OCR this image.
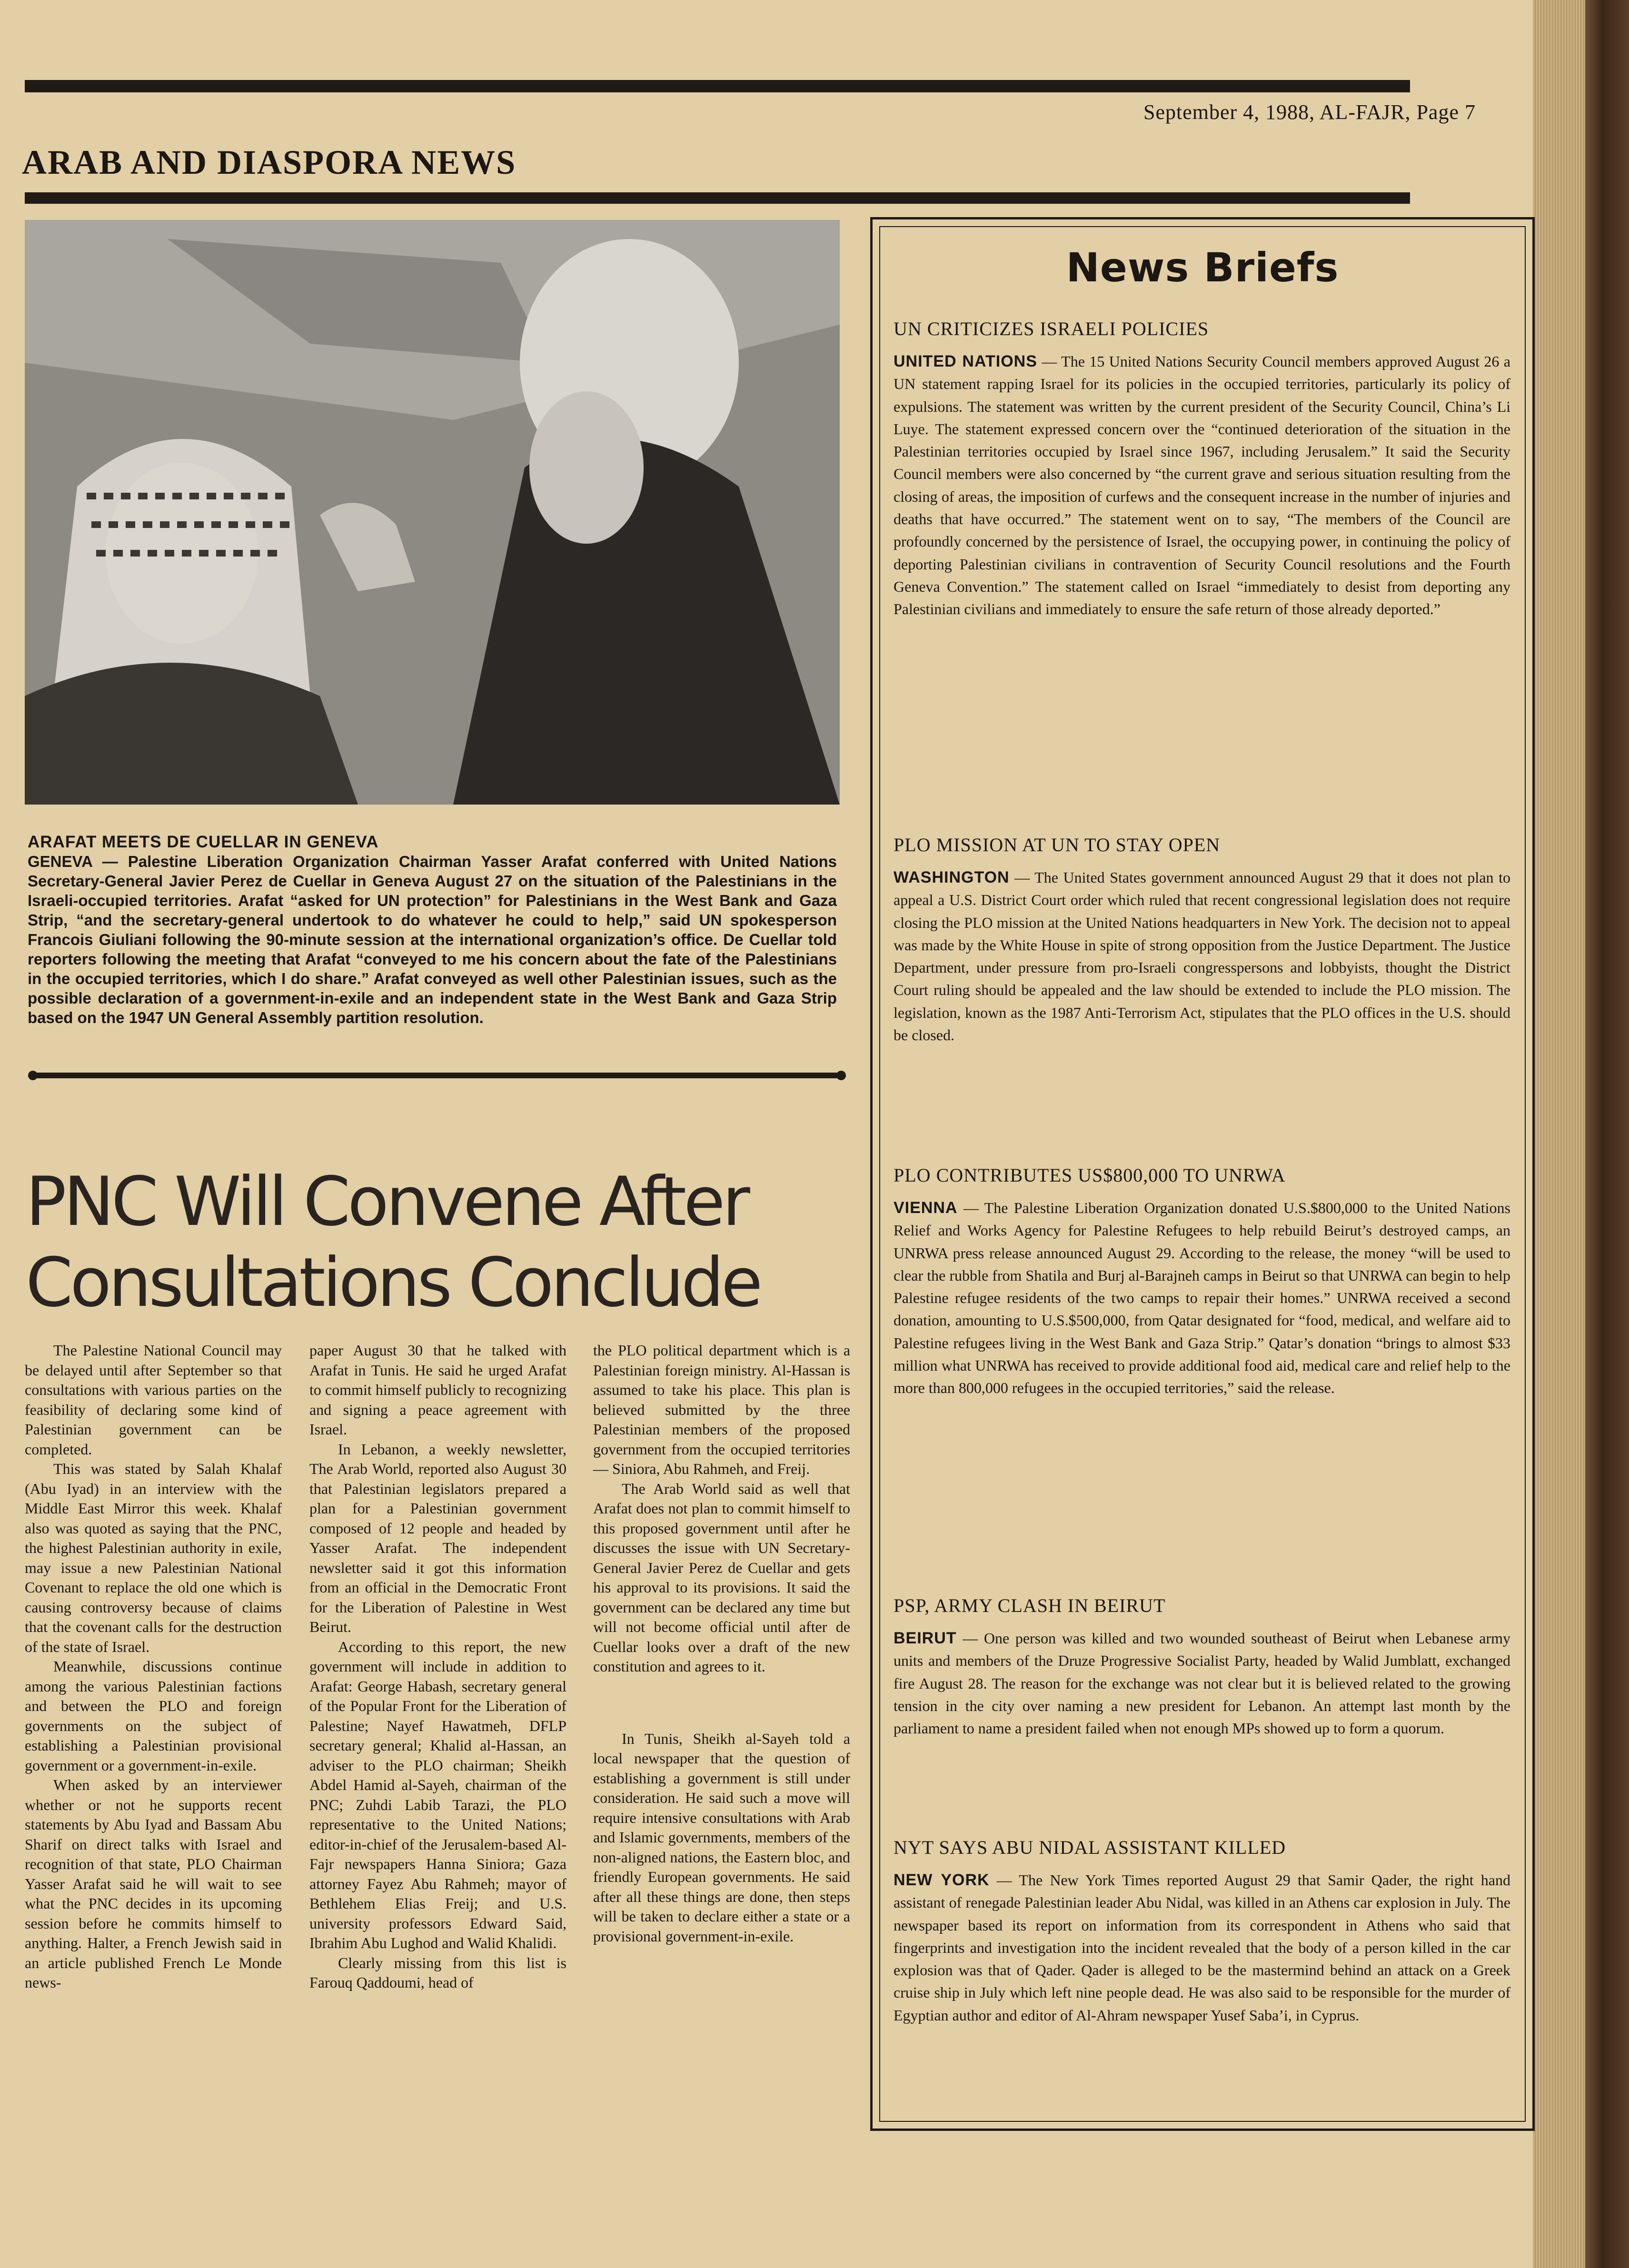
September 4, 1988, AL-FAJR, Page 7
ARAB AND DIASPORA NEWS
ARAFAT MEETS DE CUELLAR IN GENEVA
GENEVA — Palestine Liberation Organization Chairman Yasser Arafat conferred with United Nations Secretary-General Javier Perez de Cuellar in Geneva August 27 on the situation of the Palestinians in the Israeli-occupied territories. Arafat “asked for UN protection” for Palestinians in the West Bank and Gaza Strip, “and the secretary-general undertook to do whatever he could to help,” said UN spokesperson Francois Giuliani following the 90-minute session at the international organization’s office. De Cuellar told reporters following the meeting that Arafat “conveyed to me his concern about the fate of the Palestinians in the occupied territories, which I do share.” Arafat conveyed as well other Palestinian issues, such as the possible declaration of a government-in-exile and an independent state in the West Bank and Gaza Strip based on the 1947 UN General Assembly partition resolution.
PNC Will Convene After
Consultations Conclude

The Palestine National Council may be delayed until after September so that consultations with various parties on the feasibility of declaring some kind of Palestinian government can be completed.

This was stated by Salah Khalaf (Abu Iyad) in an interview with the Middle East Mirror this week. Khalaf also was quoted as saying that the PNC, the highest Palestinian authority in exile, may issue a new Palestinian National Covenant to replace the old one which is causing controversy because of claims that the covenant calls for the destruction of the state of Israel.

Meanwhile, discussions continue among the various Palestinian factions and between the PLO and foreign governments on the subject of establishing a Palestinian provisional government or a government-in-exile.

When asked by an interviewer whether or not he supports recent statements by Abu Iyad and Bassam Abu Sharif on direct talks with Israel and recognition of that state, PLO Chairman Yasser Arafat said he will wait to see what the PNC decides in its upcoming session before he commits himself to anything. Halter, a French Jewish said in an article published French Le Monde news-

paper August 30 that he talked with Arafat in Tunis. He said he urged Arafat to commit himself publicly to recognizing and signing a peace agreement with Israel.

In Lebanon, a weekly newsletter, The Arab World, reported also August 30 that Palestinian legislators prepared a plan for a Palestinian government composed of 12 people and headed by Yasser Arafat. The independent newsletter said it got this information from an official in the Democratic Front for the Liberation of Palestine in West Beirut.

According to this report, the new government will include in addition to Arafat: George Habash, secretary general of the Popular Front for the Liberation of Palestine; Nayef Hawatmeh, DFLP secretary general; Khalid al-Hassan, an adviser to the PLO chairman; Sheikh Abdel Hamid al-Sayeh, chairman of the PNC; Zuhdi Labib Tarazi, the PLO representative to the United Nations; editor-in-chief of the Jerusalem-based Al-Fajr newspapers Hanna Siniora; Gaza attorney Fayez Abu Rahmeh; mayor of Bethlehem Elias Freij; and U.S. university professors Edward Said, Ibrahim Abu Lughod and Walid Khalidi.

Clearly missing from this list is Farouq Qaddoumi, head of

the PLO political department which is a Palestinian foreign ministry. Al-Hassan is assumed to take his place. This plan is believed submitted by the three Palestinian members of the proposed government from the occupied territories — Siniora, Abu Rahmeh, and Freij.

The Arab World said as well that Arafat does not plan to commit himself to this proposed government until after he discusses the issue with UN Secretary-General Javier Perez de Cuellar and gets his approval to its provisions. It said the government can be declared any time but will not become official until after de Cuellar looks over a draft of the new constitution and agrees to it.

In Tunis, Sheikh al-Sayeh told a local newspaper that the question of establishing a government is still under consideration. He said such a move will require intensive consultations with Arab and Islamic governments, members of the non-aligned nations, the Eastern bloc, and friendly European governments. He said after all these things are done, then steps will be taken to declare either a state or a provisional government-in-exile.

News Briefs
UN CRITICIZES ISRAELI POLICIES
UNITED NATIONS — The 15 United Nations Security Council members approved August 26 a UN statement rapping Israel for its policies in the occupied territories, particularly its policy of expulsions. The statement was written by the current president of the Security Council, China’s Li Luye. The statement expressed concern over the “continued deterioration of the situation in the Palestinian territories occupied by Israel since 1967, including Jerusalem.” It said the Security Council members were also concerned by “the current grave and serious situation resulting from the closing of areas, the imposition of curfews and the consequent increase in the number of injuries and deaths that have occurred.” The statement went on to say, “The members of the Council are profoundly concerned by the persistence of Israel, the occupying power, in continuing the policy of deporting Palestinian civilians in contravention of Security Council resolutions and the Fourth Geneva Convention.” The statement called on Israel “immediately to desist from deporting any Palestinian civilians and immediately to ensure the safe return of those already deported.”
PLO MISSION AT UN TO STAY OPEN
WASHINGTON — The United States government announced August 29 that it does not plan to appeal a U.S. District Court order which ruled that recent congressional legislation does not require closing the PLO mission at the United Nations headquarters in New York. The decision not to appeal was made by the White House in spite of strong opposition from the Justice Department. The Justice Department, under pressure from pro-Israeli congresspersons and lobbyists, thought the District Court ruling should be appealed and the law should be extended to include the PLO mission. The legislation, known as the 1987 Anti-Terrorism Act, stipulates that the PLO offices in the U.S. should be closed.
PLO CONTRIBUTES US$800,000 TO UNRWA
VIENNA — The Palestine Liberation Organization donated U.S.$800,000 to the United Nations Relief and Works Agency for Palestine Refugees to help rebuild Beirut’s destroyed camps, an UNRWA press release announced August 29. According to the release, the money “will be used to clear the rubble from Shatila and Burj al-Barajneh camps in Beirut so that UNRWA can begin to help Palestine refugee residents of the two camps to repair their homes.” UNRWA received a second donation, amounting to U.S.$500,000, from Qatar designated for “food, medical, and welfare aid to Palestine refugees living in the West Bank and Gaza Strip.” Qatar’s donation “brings to almost $33 million what UNRWA has received to provide additional food aid, medical care and relief help to the more than 800,000 refugees in the occupied territories,” said the release.
PSP, ARMY CLASH IN BEIRUT
BEIRUT — One person was killed and two wounded southeast of Beirut when Lebanese army units and members of the Druze Progressive Socialist Party, headed by Walid Jumblatt, exchanged fire August 28. The reason for the exchange was not clear but it is believed related to the growing tension in the city over naming a new president for Lebanon. An attempt last month by the parliament to name a president failed when not enough MPs showed up to form a quorum.
NYT SAYS ABU NIDAL ASSISTANT KILLED
NEW YORK — The New York Times reported August 29 that Samir Qader, the right hand assistant of renegade Palestinian leader Abu Nidal, was killed in an Athens car explosion in July. The newspaper based its report on information from its correspondent in Athens who said that fingerprints and investigation into the incident revealed that the body of a person killed in the car explosion was that of Qader. Qader is alleged to be the mastermind behind an attack on a Greek cruise ship in July which left nine people dead. He was also said to be responsible for the murder of Egyptian author and editor of Al-Ahram newspaper Yusef Saba’i, in Cyprus.
